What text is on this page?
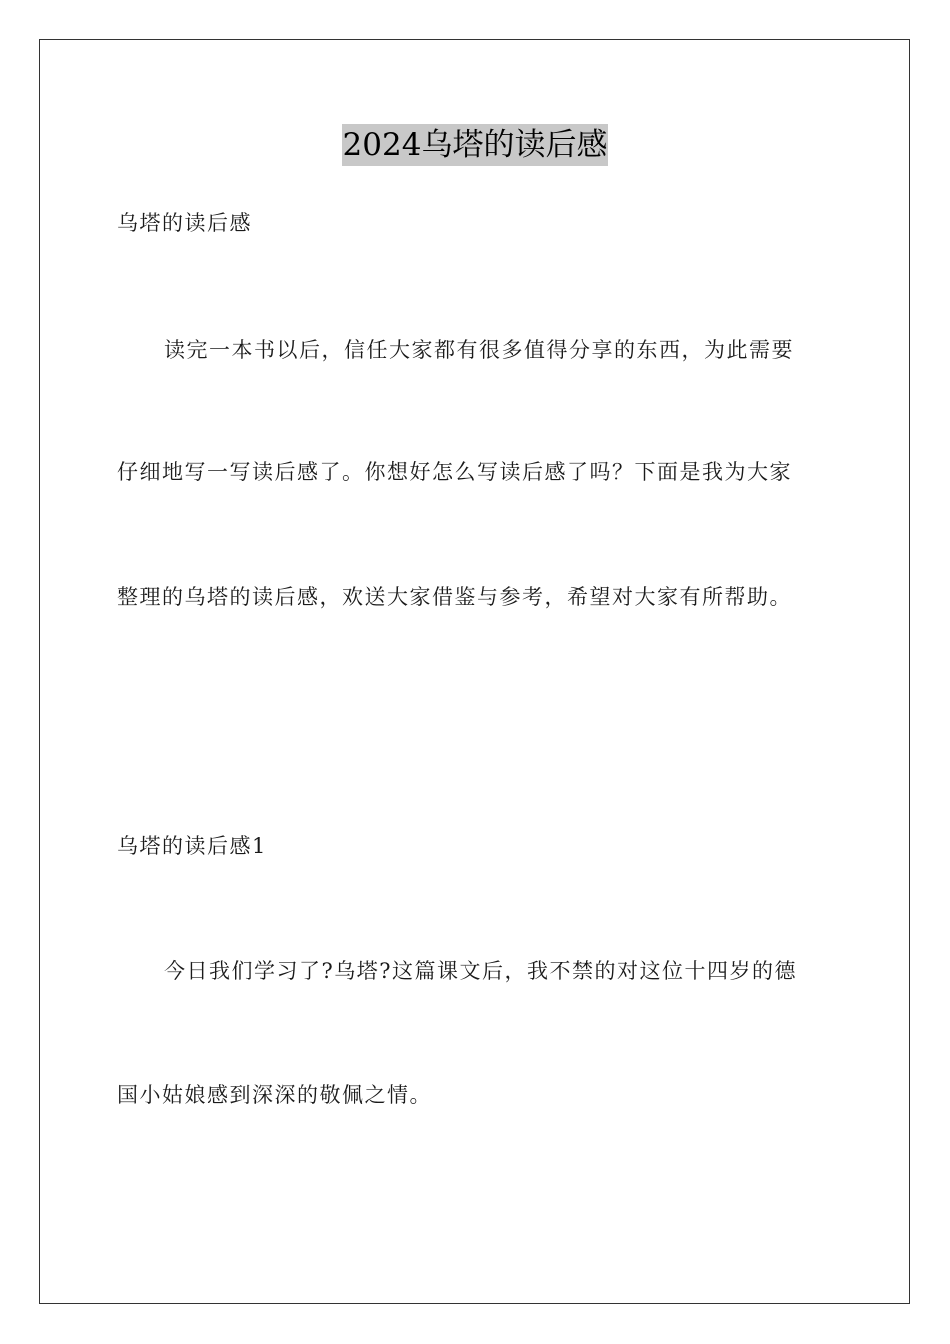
2024乌塔的读后感
乌塔的读后感
读完一本书以后，信任大家都有很多值得分享的东西，为此需要
仔细地写一写读后感了。你想好怎么写读后感了吗？下面是我为大家
整理的乌塔的读后感，欢送大家借鉴与参考，希望对大家有所帮助。
乌塔的读后感1
今日我们学习了?乌塔?这篇课文后，我不禁的对这位十四岁的德
国小姑娘感到深深的敬佩之情。
